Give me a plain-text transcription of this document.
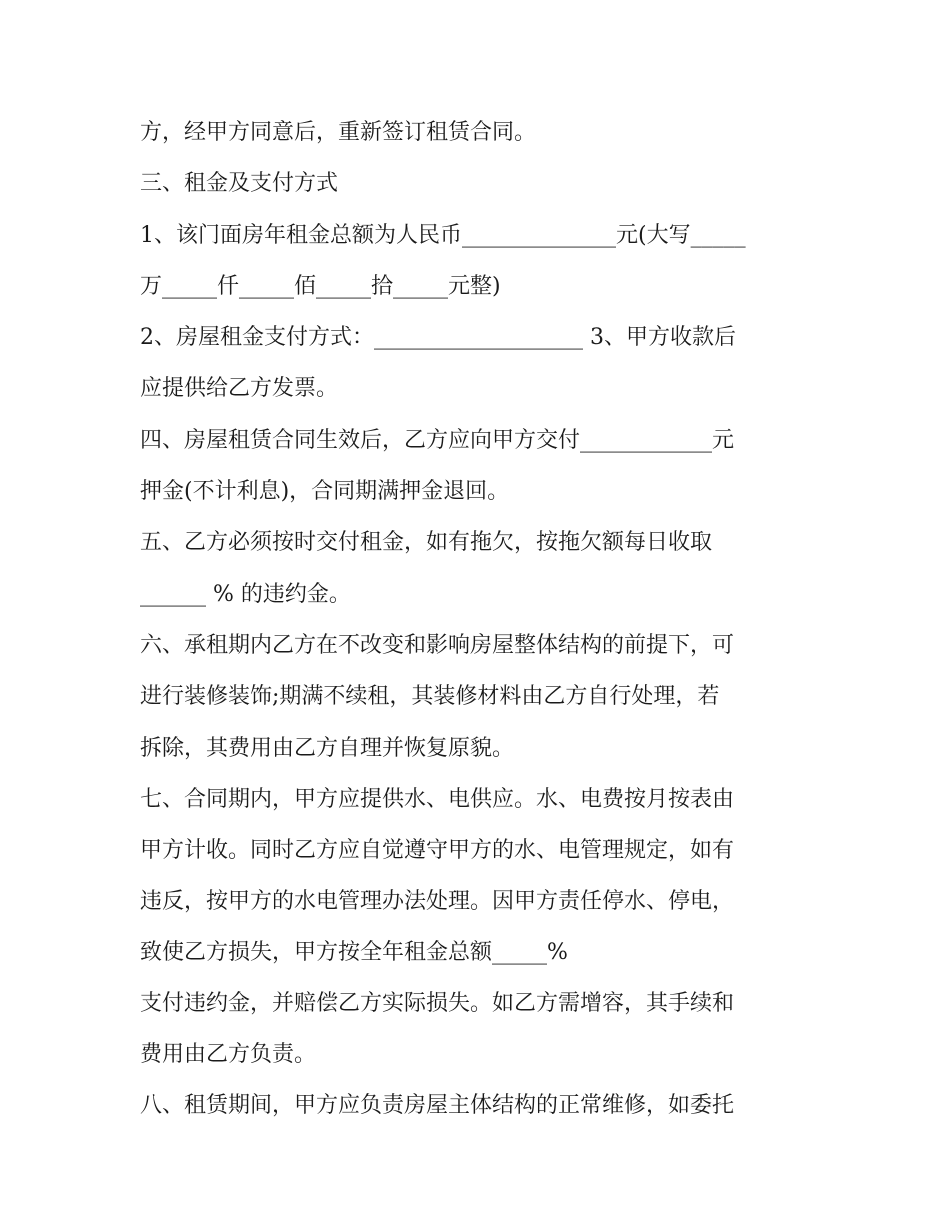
方，经甲方同意后，重新签订租赁合同。
三、租金及支付方式
1、该门面房年租金总额为人民币______________元(大写_____
万_____仟_____佰_____拾_____元整)
2、房屋租金支付方式：___________________ 3、甲方收款后
应提供给乙方发票。
四、房屋租赁合同生效后，乙方应向甲方交付____________元
押金(不计利息)，合同期满押金退回。
五、乙方必须按时交付租金，如有拖欠，按拖欠额每日收取
______ % 的违约金。
六、承租期内乙方在不改变和影响房屋整体结构的前提下，可
进行装修装饰;期满不续租，其装修材料由乙方自行处理，若
拆除，其费用由乙方自理并恢复原貌。
七、合同期内，甲方应提供水、电供应。水、电费按月按表由
甲方计收。同时乙方应自觉遵守甲方的水、电管理规定，如有
违反，按甲方的水电管理办法处理。因甲方责任停水、停电，
致使乙方损失，甲方按全年租金总额_____%
支付违约金，并赔偿乙方实际损失。如乙方需增容，其手续和
费用由乙方负责。
八、租赁期间，甲方应负责房屋主体结构的正常维修，如委托
